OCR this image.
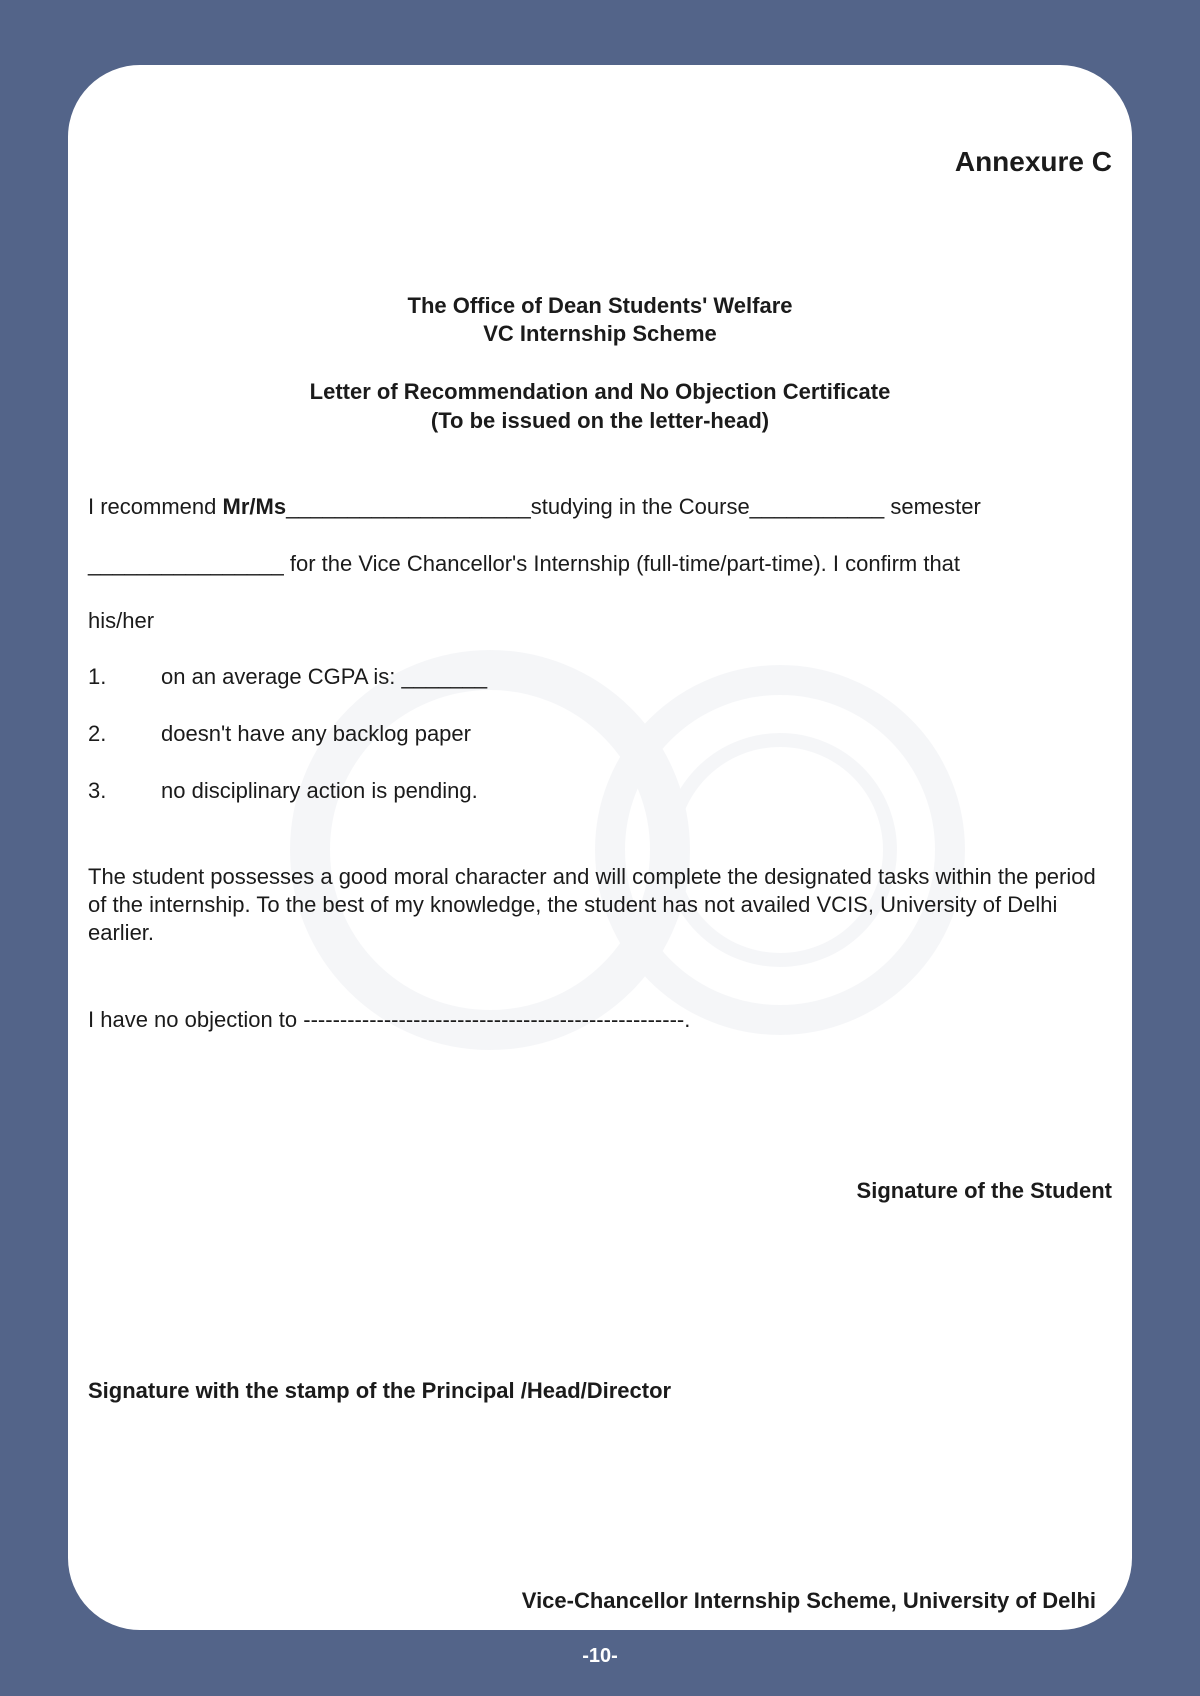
Annexure C
The Office of Dean Students' Welfare
VC Internship Scheme
Letter of Recommendation and No Objection Certificate
(To be issued on the letter-head)
I recommend Mr/Ms____________________studying in the Course___________ semester
________________ for the Vice Chancellor's Internship (full-time/part-time). I confirm that
his/her
1. on an average CGPA is: _______
2. doesn't have any backlog paper
3. no disciplinary action is pending.
The student possesses a good moral character and will complete the designated tasks within the period of the internship. To the best of my knowledge, the student has not availed VCIS, University of Delhi earlier.
I have no objection to ----------------------------------------------------.
Signature of the Student
Signature with the stamp of the Principal /Head/Director
Vice-Chancellor Internship Scheme, University of Delhi
-10-
